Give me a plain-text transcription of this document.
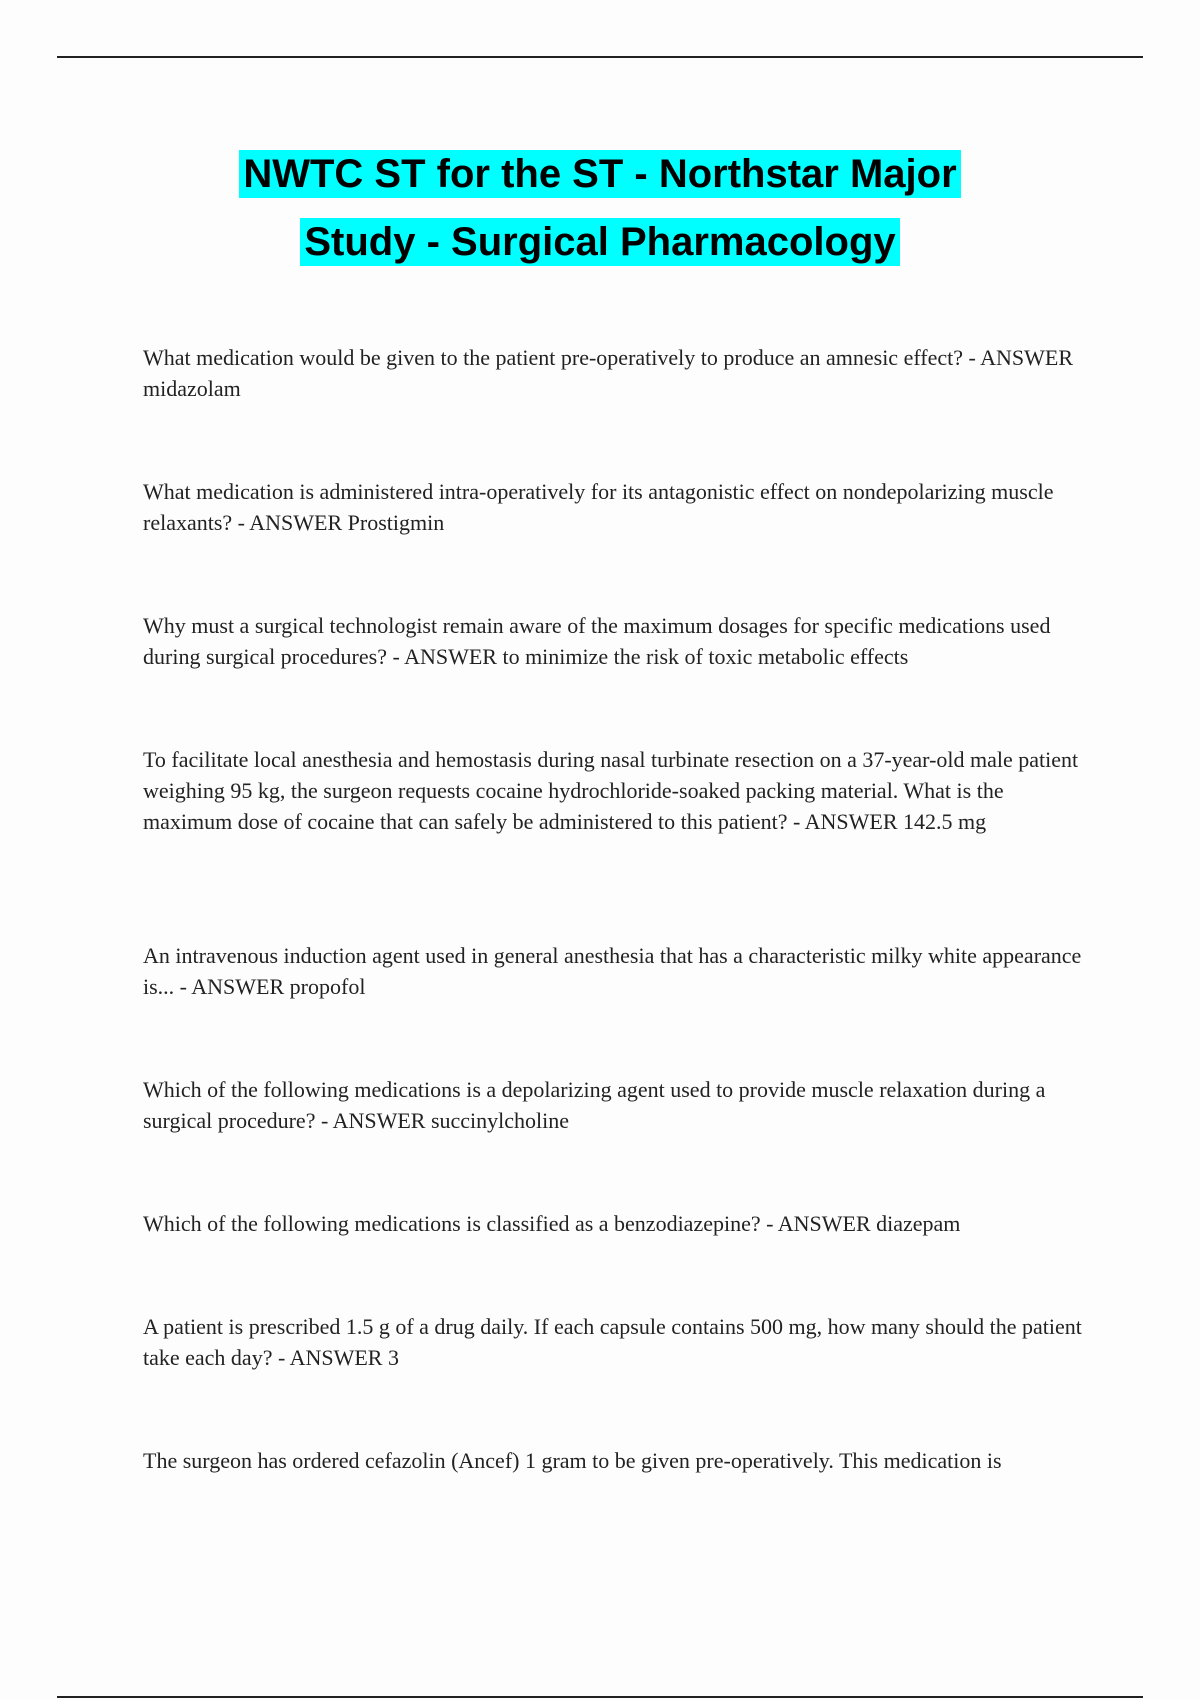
NWTC ST for the ST - Northstar Major
Study - Surgical Pharmacology

What medication would be given to the patient pre-operatively to produce an amnesic effect? - ANSWER midazolam

What medication is administered intra-operatively for its antagonistic effect on nondepolarizing muscle relaxants? - ANSWER Prostigmin

Why must a surgical technologist remain aware of the maximum dosages for specific medications used during surgical procedures? - ANSWER to minimize the risk of toxic metabolic effects

To facilitate local anesthesia and hemostasis during nasal turbinate resection on a 37-year-old male patient weighing 95 kg, the surgeon requests cocaine hydrochloride-soaked packing material. What is the maximum dose of cocaine that can safely be administered to this patient? - ANSWER 142.5 mg

An intravenous induction agent used in general anesthesia that has a characteristic milky white appearance is... - ANSWER propofol

Which of the following medications is a depolarizing agent used to provide muscle relaxation during a surgical procedure? - ANSWER succinylcholine

Which of the following medications is classified as a benzodiazepine? - ANSWER diazepam

A patient is prescribed 1.5 g of a drug daily. If each capsule contains 500 mg, how many should the patient take each day? - ANSWER 3

The surgeon has ordered cefazolin (Ancef) 1 gram to be given pre-operatively. This medication is
